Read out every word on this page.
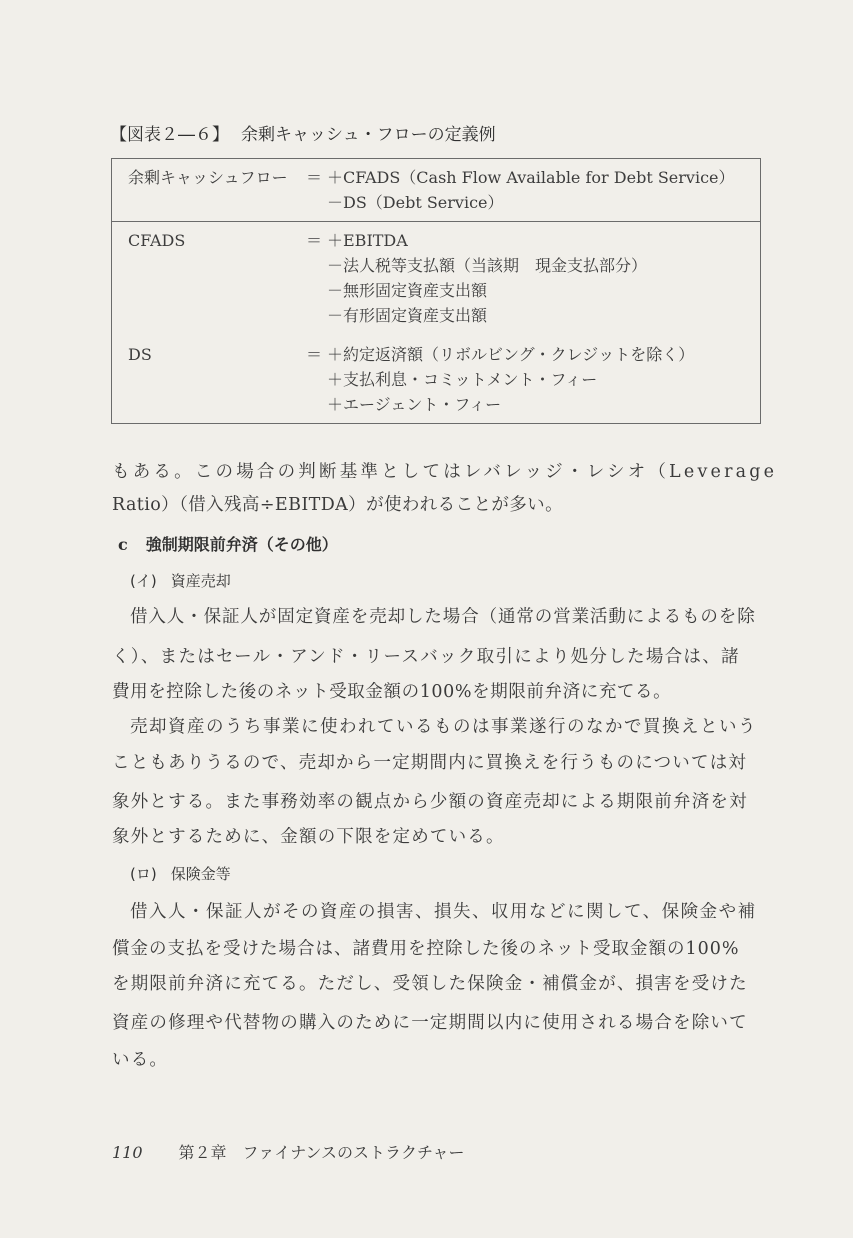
【図表２―６】 余剰キャッシュ・フローの定義例
余剰キャッシュフロー ＝ ＋CFADS（Cash Flow Available for Debt Service）
－DS（Debt Service）
CFADS	＝ ＋EBITDA
－法人税等支払額（当該期　現金支払部分）
－無形固定資産支出額
－有形固定資産支出額
DS	＝ ＋約定返済額（リボルビング・クレジットを除く）
＋支払利息・コミットメント・フィー
＋エージェント・フィー
もある。この場合の判断基準としてはレバレッジ・レシオ（Leverage
Ratio）（借入残高÷EBITDA）が使われることが多い。
c 強制期限前弁済（その他）
(イ) 資産売却
借入人・保証人が固定資産を売却した場合（通常の営業活動によるものを除
く）、またはセール・アンド・リースバック取引により処分した場合は、諸
費用を控除した後のネット受取金額の100%を期限前弁済に充てる。
売却資産のうち事業に使われているものは事業遂行のなかで買換えという
こともありうるので、売却から一定期間内に買換えを行うものについては対
象外とする。また事務効率の観点から少額の資産売却による期限前弁済を対
象外とするために、金額の下限を定めている。
(ロ) 保険金等
借入人・保証人がその資産の損害、損失、収用などに関して、保険金や補
償金の支払を受けた場合は、諸費用を控除した後のネット受取金額の100%
を期限前弁済に充てる。ただし、受領した保険金・補償金が、損害を受けた
資産の修理や代替物の購入のために一定期間以内に使用される場合を除いて
いる。
110 第２章　ファイナンスのストラクチャー
